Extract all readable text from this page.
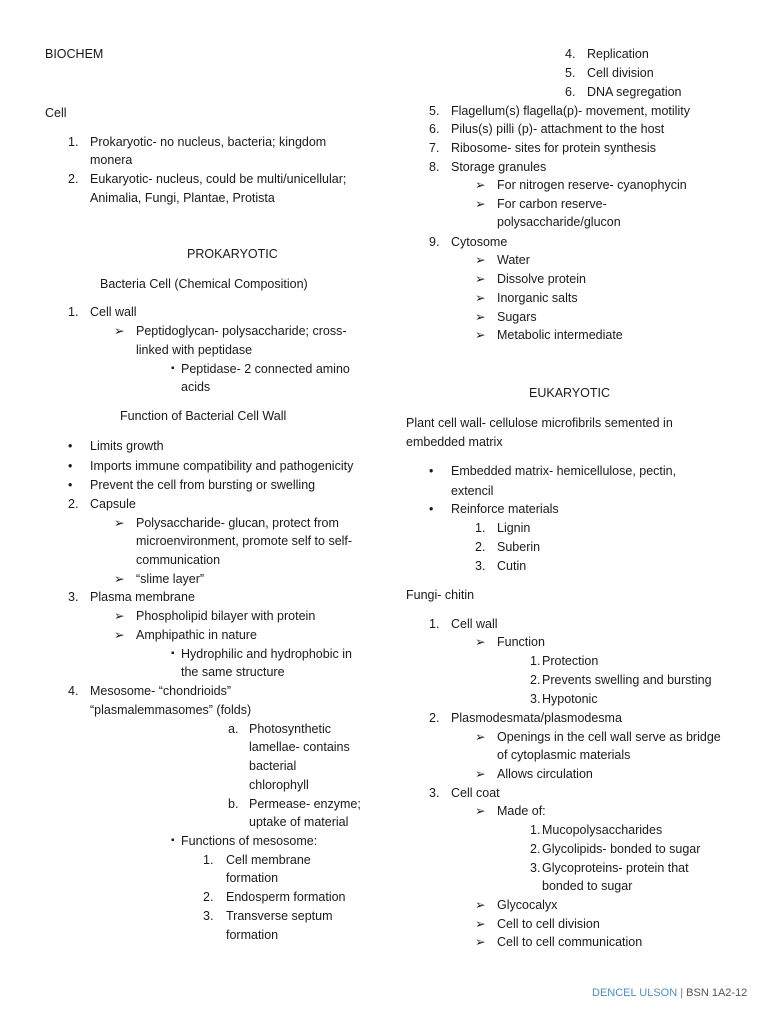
BIOCHEM
Cell
1. Prokaryotic- no nucleus, bacteria; kingdom
monera
2. Eukaryotic- nucleus, could be multi/unicellular;
Animalia, Fungi, Plantae, Protista
PROKARYOTIC
Bacteria Cell (Chemical Composition)
1. Cell wall
➢ Peptidoglycan- polysaccharide; cross-
linked with peptidase
▪ Peptidase- 2 connected amino
acids
Function of Bacterial Cell Wall
• Limits growth
• Imports immune compatibility and pathogenicity
• Prevent the cell from bursting or swelling
2. Capsule
➢ Polysaccharide- glucan, protect from
microenvironment, promote self to self-
communication
➢ “slime layer”
3. Plasma membrane
➢ Phospholipid bilayer with protein
➢ Amphipathic in nature
▪ Hydrophilic and hydrophobic in
the same structure
4. Mesosome- “chondrioids”
“plasmalemmasomes” (folds)
a. Photosynthetic
lamellae- contains
bacterial
chlorophyll
b. Permease- enzyme;
uptake of material
▪ Functions of mesosome:
1. Cell membrane
formation
2. Endosperm formation
3. Transverse septum
formation
4. Replication
5. Cell division
6. DNA segregation
5. Flagellum(s) flagella(p)- movement, motility
6. Pilus(s) pilli (p)- attachment to the host
7. Ribosome- sites for protein synthesis
8. Storage granules
➢ For nitrogen reserve- cyanophycin
➢ For carbon reserve-
polysaccharide/glucon
9. Cytosome
➢ Water
➢ Dissolve protein
➢ Inorganic salts
➢ Sugars
➢ Metabolic intermediate
EUKARYOTIC
Plant cell wall- cellulose microfibrils semented in
embedded matrix
• Embedded matrix- hemicellulose, pectin,
extencil
• Reinforce materials
1. Lignin
2. Suberin
3. Cutin
Fungi- chitin
1. Cell wall
➢ Function
1. Protection
2. Prevents swelling and bursting
3. Hypotonic
2. Plasmodesmata/plasmodesma
➢ Openings in the cell wall serve as bridge
of cytoplasmic materials
➢ Allows circulation
3. Cell coat
➢ Made of:
1. Mucopolysaccharides
2. Glycolipids- bonded to sugar
3. Glycoproteins- protein that
bonded to sugar
➢ Glycocalyx
➢ Cell to cell division
➢ Cell to cell communication
DENCEL ULSON | BSN 1A2-12
